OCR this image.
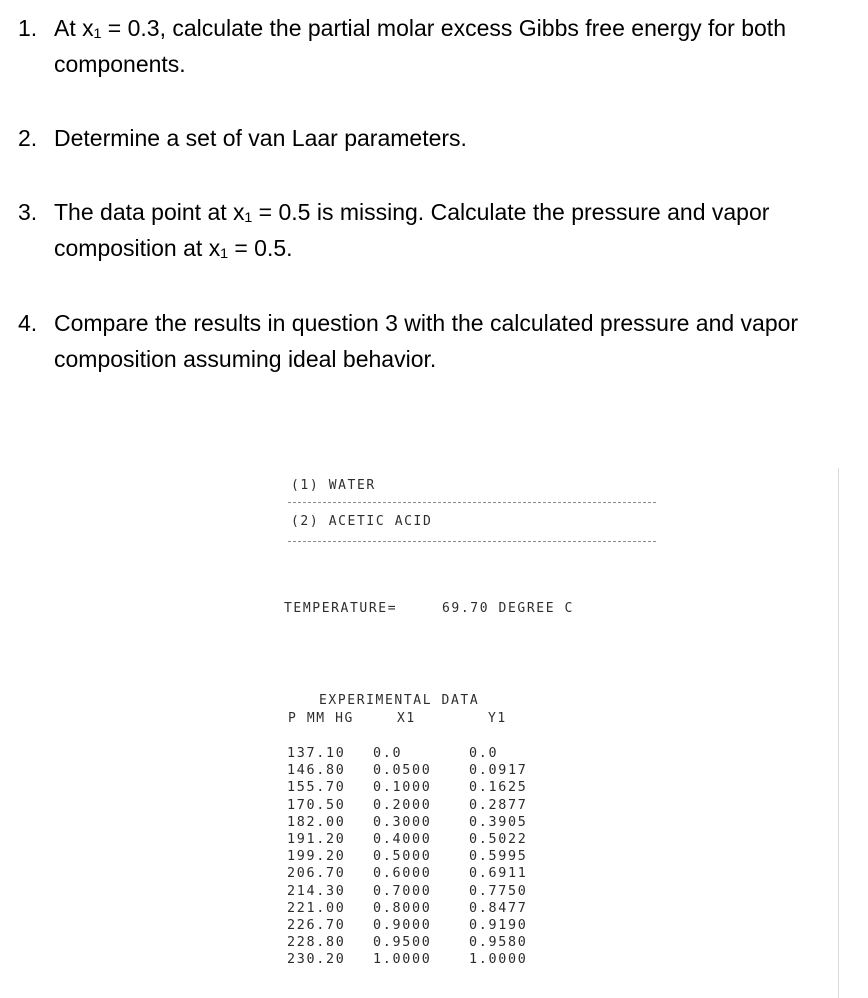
1. At x₁ = 0.3, calculate the partial molar excess Gibbs free energy for both
components.
2. Determine a set of van Laar parameters.
3. The data point at x₁ = 0.5 is missing. Calculate the pressure and vapor
composition at x₁ = 0.5.
4. Compare the results in question 3 with the calculated pressure and vapor
composition assuming ideal behavior.
(1) WATER
(2) ACETIC ACID
TEMPERATURE=	69.70 DEGREE C
EXPERIMENTAL DATA
P MM HG	X1	Y1
137.10	0.0	0.0
146.80	0.0500	0.0917
155.70	0.1000	0.1625
170.50	0.2000	0.2877
182.00	0.3000	0.3905
191.20	0.4000	0.5022
199.20	0.5000	0.5995
206.70	0.6000	0.6911
214.30	0.7000	0.7750
221.00	0.8000	0.8477
226.70	0.9000	0.9190
228.80	0.9500	0.9580
230.20	1.0000	1.0000
